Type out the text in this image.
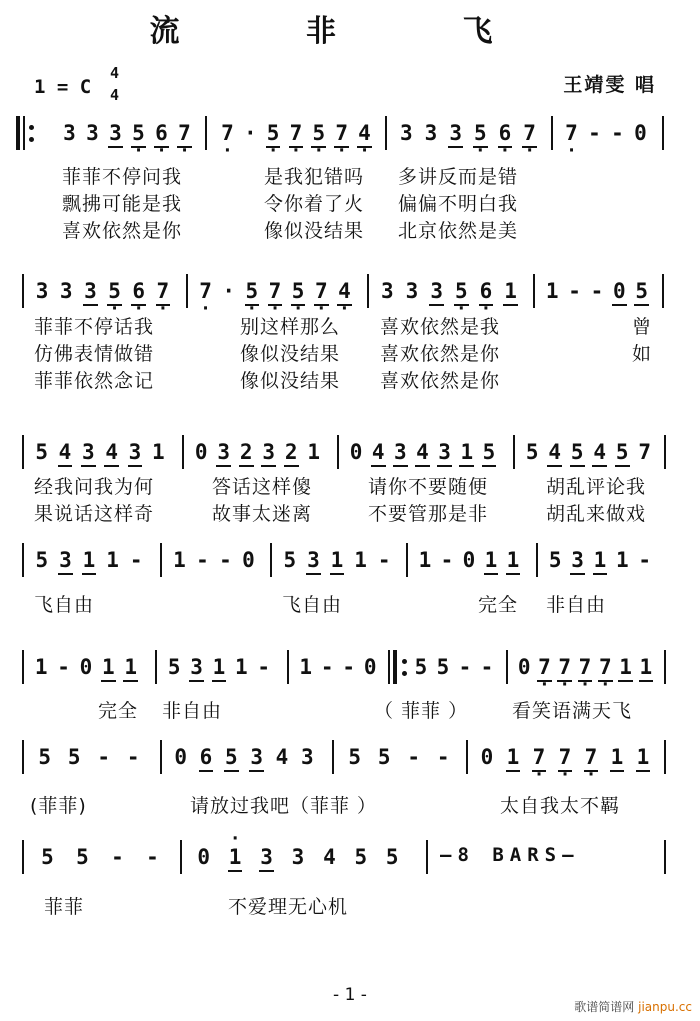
流 非 飞
1 = C
4
4	王靖雯 唱
3 3 3 · 5 · 6 · 7 · 7 · · 5 · 7 · 5 · 7 · 4 3 3 3 · 5 · 6 · 7 · 7 - - 0
菲菲不停问我	是我犯错吗 多讲反而是错
飘拂可能是我	令你着了火 偏偏不明白我
喜欢依然是你	像似没结果 北京依然是美
3 3 3 · 5 · 6 · 7 · 7 · · 5 · 7 · 5 · 7 · 4 3 3 3 · 5 · 6 1 1 - - 0 5
菲菲不停话我	别这样那么 喜欢依然是我	曾
仿佛表情做错	像似没结果 喜欢依然是你	如
菲菲依然念记	像似没结果 喜欢依然是你
5 4 3 4 3 1 0 3 2 3 2 1 0 4 3 4 3 1 5 5 4 5 4 5 7
经我问我为何	答话这样傻	请你不要随便	胡乱评论我
果说话这样奇	故事太迷离	不要管那是非	胡乱来做戏
5 3 1 1 - 1 - - 0 5 3 1 1 - 1 - 0 1 1 5 3 1 1 -
飞自由	飞自由	完全 非自由
1 - 0 1 1 5 3 1 1 - 1 - - 0 5 5 - - 0 · 7 · 7 · 7 · 7 1 1
完全 非自由	（ 菲菲 ） 看笑语满天飞
5 5 - - 0 6 5 3 4 3 5 5 - - 0 1 · 7 · 7 · 7 1 1
(菲菲)	请放过我吧（菲菲 ）	太自我太不羁
5 5 - - 0 · 1 3 3 4 5 5 —8 BARS—
菲菲	不爱理无心机
- 1 -
歌谱简谱网 jianpu.cc
